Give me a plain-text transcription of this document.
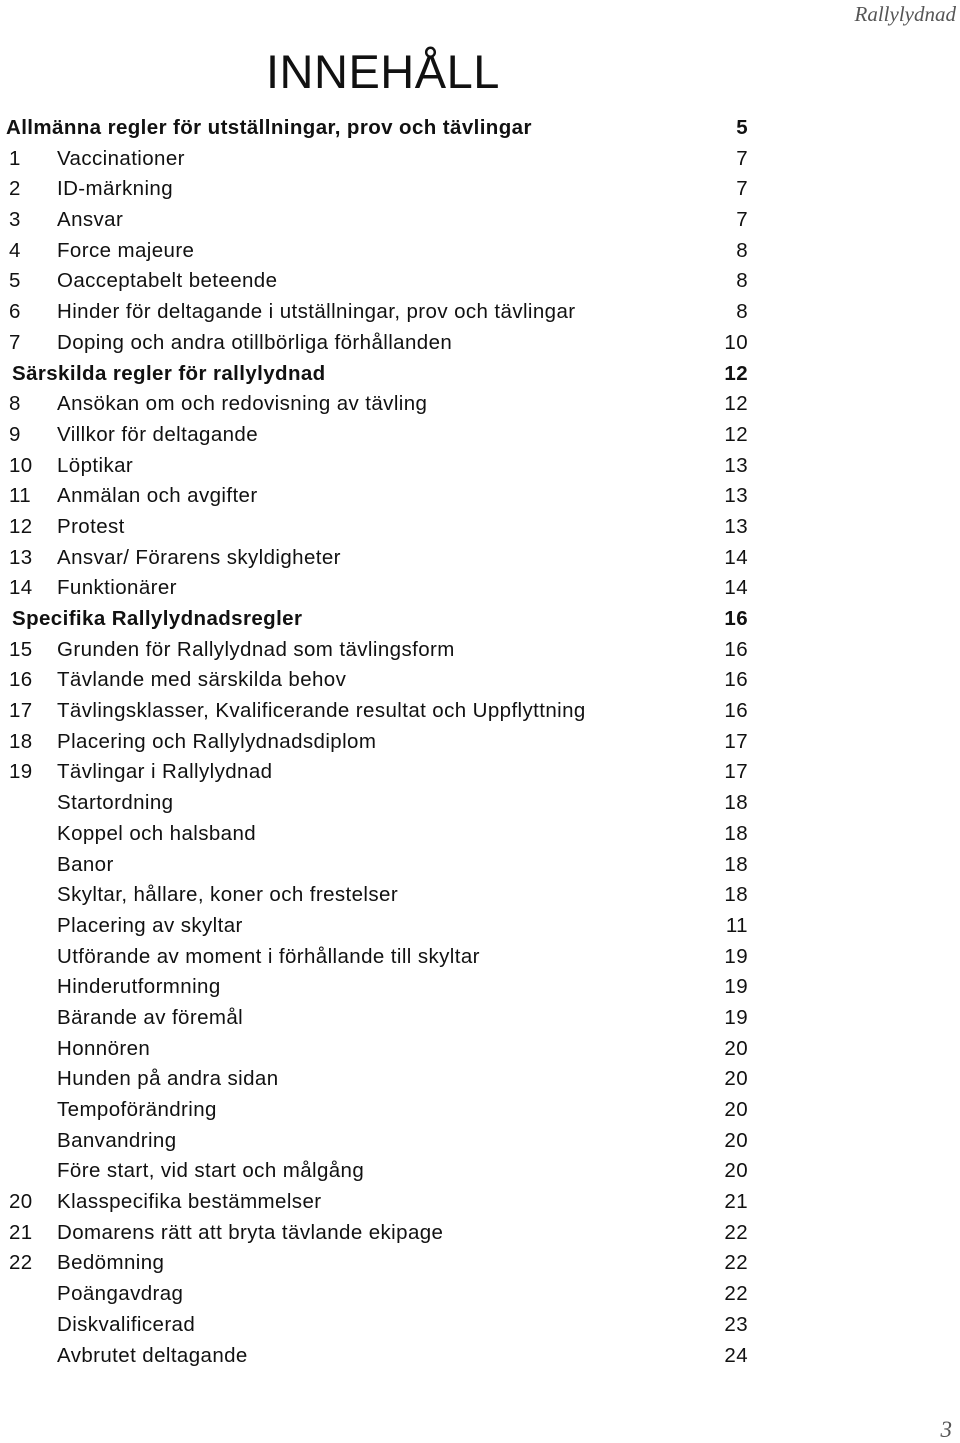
Rallylydnad
INNEHÅLL
Allmänna regler för utställningar, prov och tävlingar	5
1 Vaccinationer	7
2 ID-märkning	7
3 Ansvar	7
4 Force majeure	8
5 Oacceptabelt beteende	8
6 Hinder för deltagande i utställningar, prov och tävlingar	8
7 Doping och andra otillbörliga förhållanden	10
Särskilda regler för rallylydnad	12
8 Ansökan om och redovisning av tävling	12
9 Villkor för deltagande	12
10 Löptikar	13
11 Anmälan och avgifter	13
12 Protest	13
13 Ansvar/ Förarens skyldigheter	14
14 Funktionärer	14
Specifika Rallylydnadsregler	16
15 Grunden för Rallylydnad som tävlingsform	16
16 Tävlande med särskilda behov	16
17 Tävlingsklasser, Kvalificerande resultat och Uppflyttning	16
18 Placering och Rallylydnadsdiplom	17
19 Tävlingar i Rallylydnad	17
Startordning	18
Koppel och halsband	18
Banor	18
Skyltar, hållare, koner och frestelser	18
Placering av skyltar	11
Utförande av moment i förhållande till skyltar	19
Hinderutformning	19
Bärande av föremål	19
Honnören	20
Hunden på andra sidan	20
Tempoförändring	20
Banvandring	20
Före start, vid start och målgång	20
20 Klasspecifika bestämmelser	21
21 Domarens rätt att bryta tävlande ekipage	22
22 Bedömning	22
Poängavdrag	22
Diskvalificerad	23
Avbrutet deltagande	24
3
